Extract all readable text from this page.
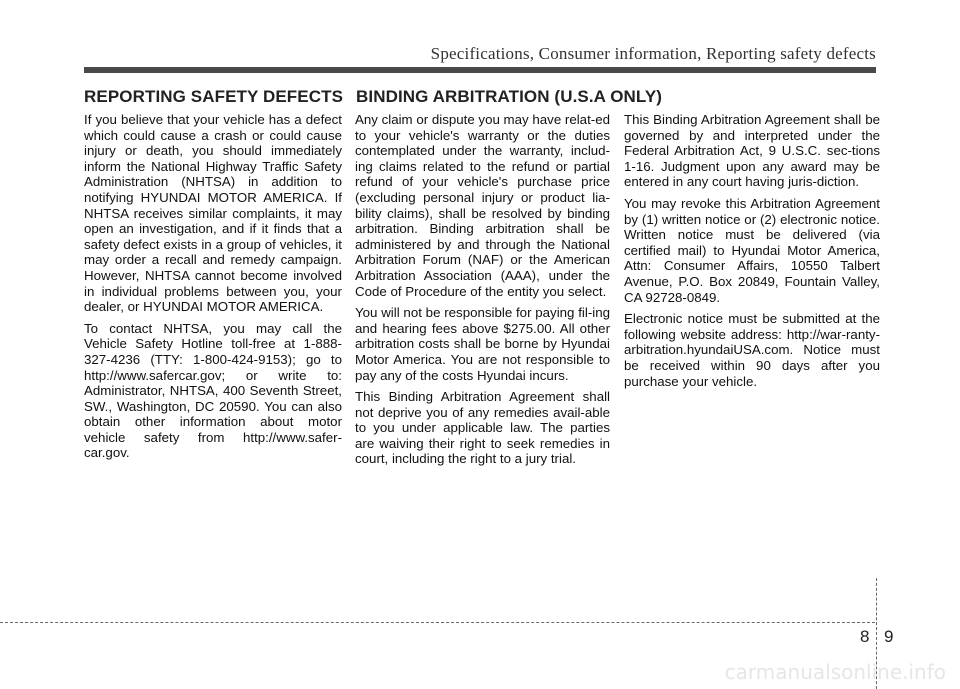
Specifications, Consumer information, Reporting safety defects
REPORTING SAFETY DEFECTS BINDING ARBITRATION (U.S.A ONLY)

If you believe that your vehicle has a defect which could cause a crash or could cause injury or death, you should immediately inform the National Highway Traffic Safety Administration (NHTSA) in addition to notifying HYUNDAI MOTOR AMERICA. If NHTSA receives similar complaints, it may open an investigation, and if it finds that a safety defect exists in a group of vehicles, it may order a recall and remedy campaign. However, NHTSA cannot become involved in individual problems between you, your dealer, or HYUNDAI MOTOR AMERICA.

To contact NHTSA, you may call the Vehicle Safety Hotline toll-free at 1-888-327-4236 (TTY: 1-800-424-9153); go to http://www.safercar.gov; or write to: Administrator, NHTSA, 400 Seventh Street, SW., Washington, DC 20590. You can also obtain other information about motor vehicle safety from http://www.safer-car.gov.

Any claim or dispute you may have relat-ed to your vehicle's warranty or the duties contemplated under the warranty, includ-ing claims related to the refund or partial refund of your vehicle's purchase price (excluding personal injury or product lia-bility claims), shall be resolved by binding arbitration. Binding arbitration shall be administered by and through the National Arbitration Forum (NAF) or the American Arbitration Association (AAA), under the Code of Procedure of the entity you select.

You will not be responsible for paying fil-ing and hearing fees above $275.00. All other arbitration costs shall be borne by Hyundai Motor America. You are not responsible to pay any of the costs Hyundai incurs.

This Binding Arbitration Agreement shall not deprive you of any remedies avail-able to you under applicable law. The parties are waiving their right to seek remedies in court, including the right to a jury trial.

This Binding Arbitration Agreement shall be governed by and interpreted under the Federal Arbitration Act, 9 U.S.C. sec-tions 1-16. Judgment upon any award may be entered in any court having juris-diction.

You may revoke this Arbitration Agreement by (1) written notice or (2) electronic notice. Written notice must be delivered (via certified mail) to Hyundai Motor America, Attn: Consumer Affairs, 10550 Talbert Avenue, P.O. Box 20849, Fountain Valley, CA 92728-0849.

Electronic notice must be submitted at the following website address: http://war-ranty-arbitration.hyundaiUSA.com. Notice must be received within 90 days after you purchase your vehicle.

8 9
carmanualsonline.info
